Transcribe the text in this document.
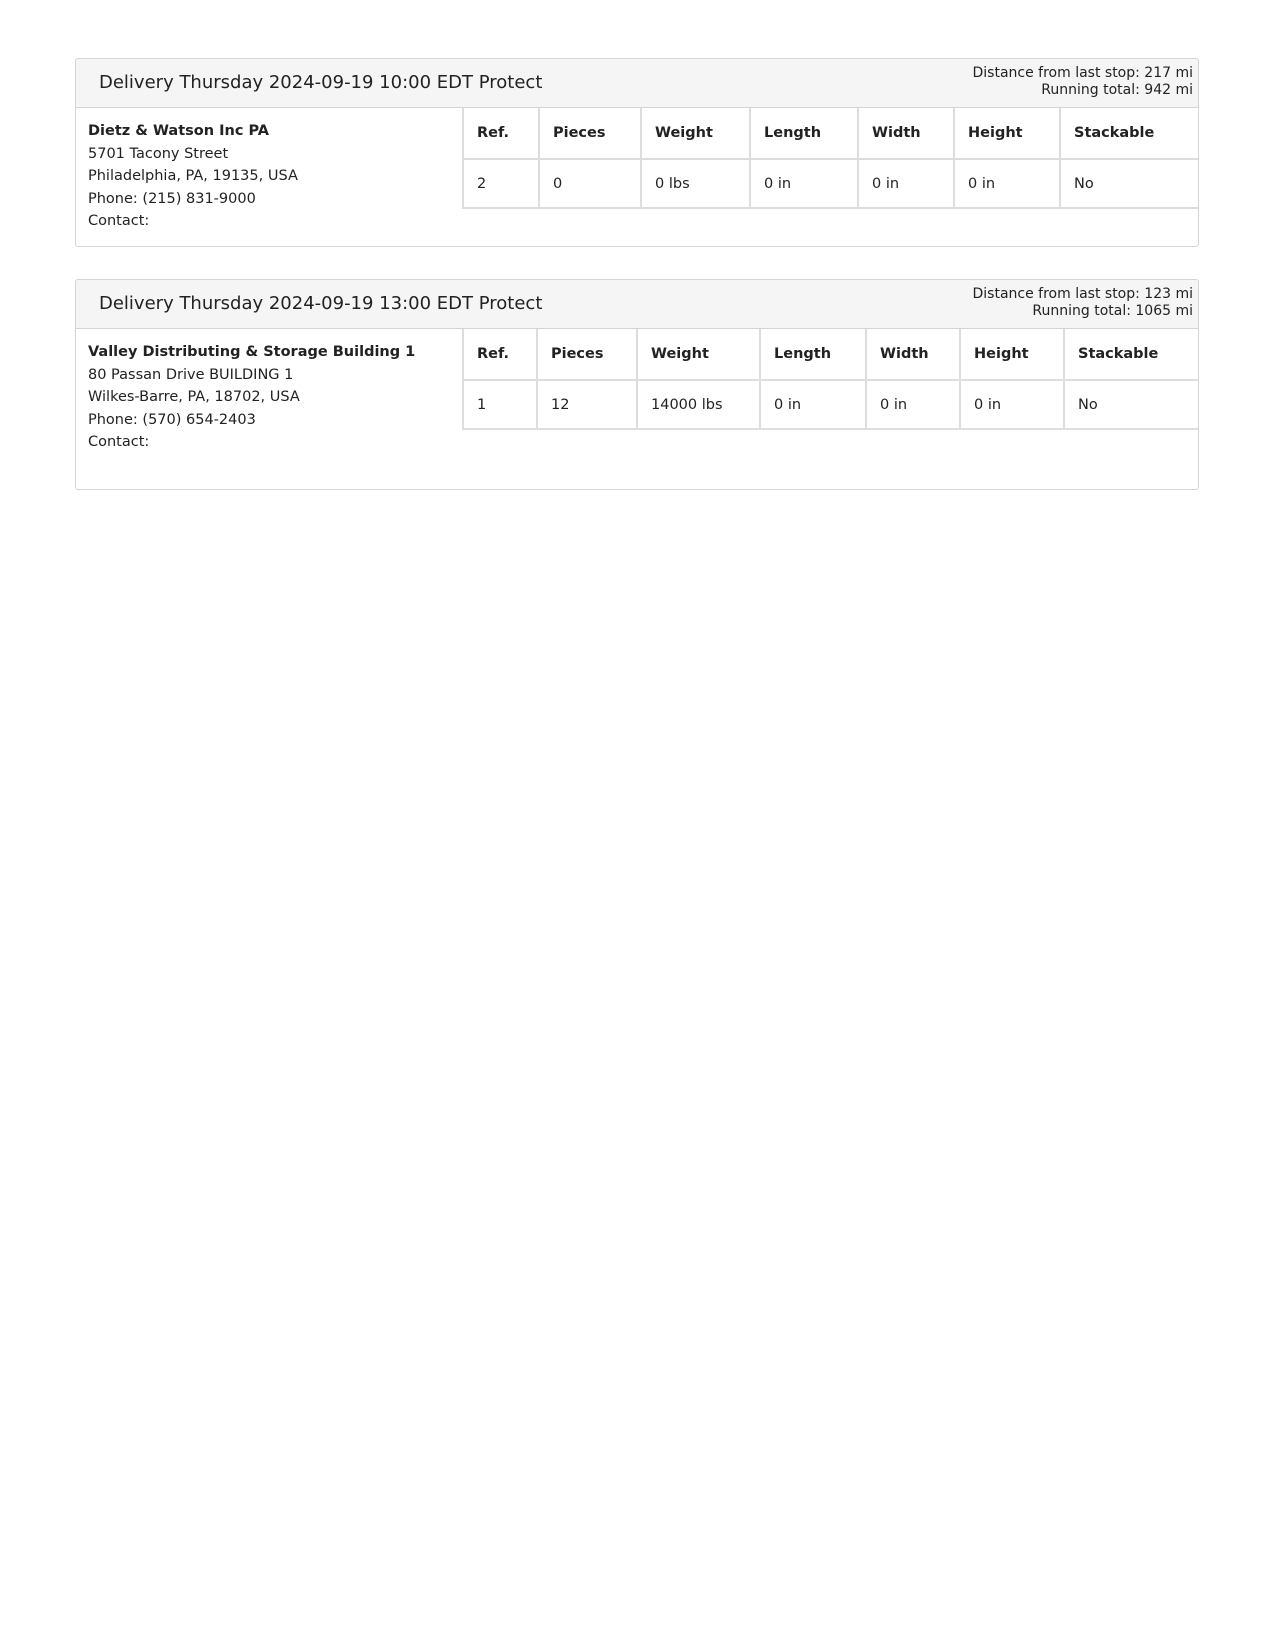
Delivery Thursday 2024-09-19 10:00 EDT Protect	Distance from last stop: 217 mi
Running total: 942 mi
Dietz & Watson Inc PA
5701 Tacony Street
Philadelphia, PA, 19135, USA
Phone: (215) 831-9000
Contact:
Ref.	Pieces	Weight	Length	Width	Height	Stackable
2	0	0 lbs	0 in	0 in	0 in	No
Delivery Thursday 2024-09-19 13:00 EDT Protect	Distance from last stop: 123 mi
Running total: 1065 mi
Valley Distributing & Storage Building 1
80 Passan Drive BUILDING 1
Wilkes-Barre, PA, 18702, USA
Phone: (570) 654-2403
Contact:
Ref.	Pieces	Weight	Length	Width	Height	Stackable
1	12	14000 lbs	0 in	0 in	0 in	No
